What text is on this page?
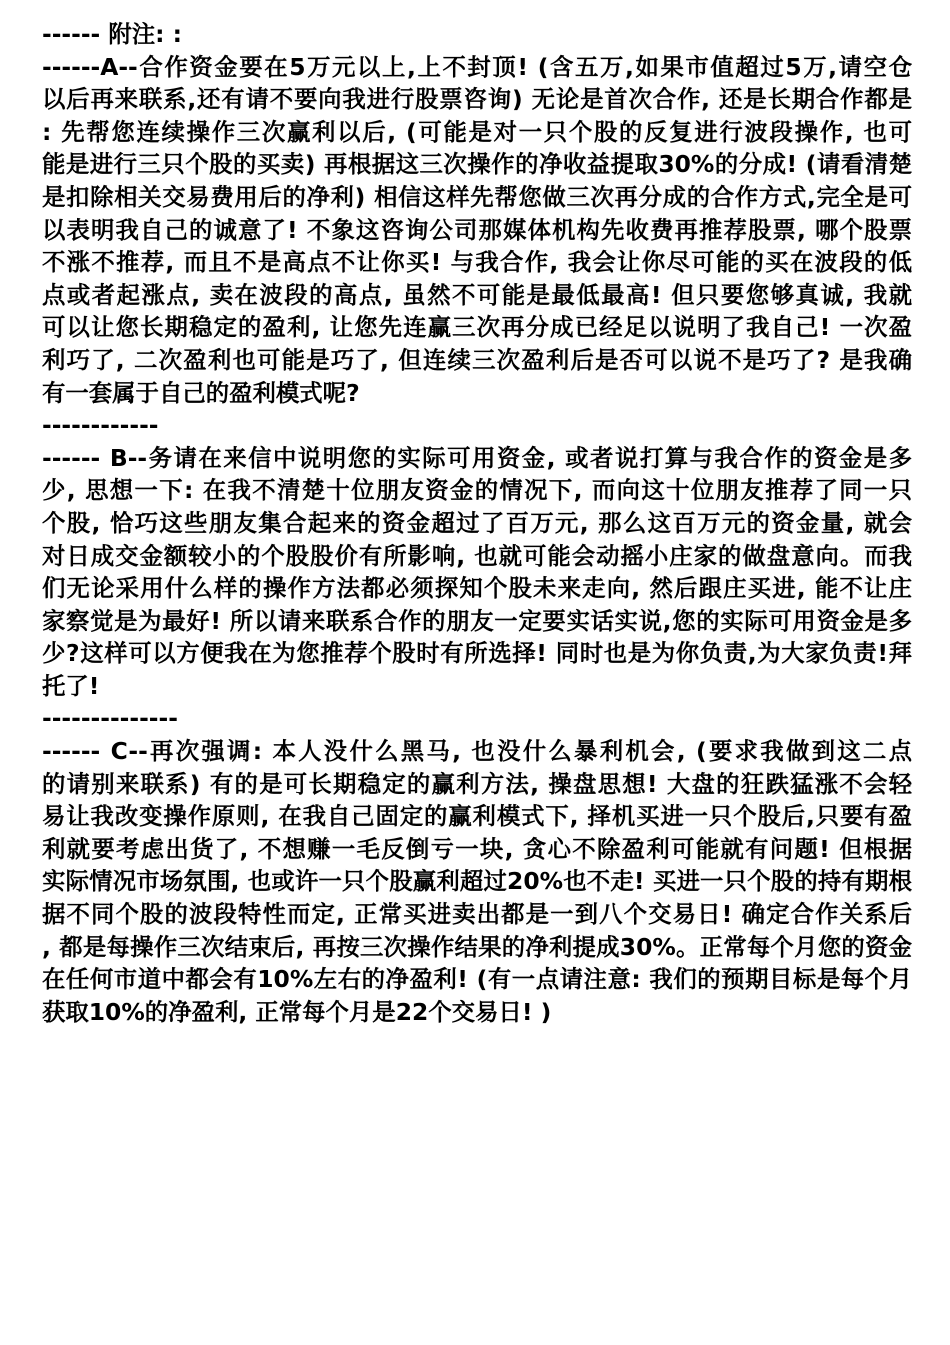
------ 附注: :
------A--合作资金要在5万元以上,上不封顶! (含五万,如果市值超过5万,请空仓
以后再来联系,还有请不要向我进行股票咨询) 无论是首次合作, 还是长期合作都是
: 先帮您连续操作三次赢利以后, (可能是对一只个股的反复进行波段操作, 也可
能是进行三只个股的买卖) 再根据这三次操作的净收益提取30%的分成! (请看清楚
是扣除相关交易费用后的净利) 相信这样先帮您做三次再分成的合作方式,完全是可
以表明我自己的诚意了! 不象这咨询公司那媒体机构先收费再推荐股票, 哪个股票
不涨不推荐, 而且不是高点不让你买! 与我合作, 我会让你尽可能的买在波段的低
点或者起涨点, 卖在波段的高点, 虽然不可能是最低最高! 但只要您够真诚, 我就
可以让您长期稳定的盈利, 让您先连赢三次再分成已经足以说明了我自己! 一次盈
利巧了, 二次盈利也可能是巧了, 但连续三次盈利后是否可以说不是巧了? 是我确
有一套属于自己的盈利模式呢?
------------
------ B--务请在来信中说明您的实际可用资金, 或者说打算与我合作的资金是多
少, 思想一下: 在我不清楚十位朋友资金的情况下, 而向这十位朋友推荐了同一只
个股, 恰巧这些朋友集合起来的资金超过了百万元, 那么这百万元的资金量, 就会
对日成交金额较小的个股股价有所影响, 也就可能会动摇小庄家的做盘意向。而我
们无论采用什么样的操作方法都必须探知个股未来走向, 然后跟庄买进, 能不让庄
家察觉是为最好! 所以请来联系合作的朋友一定要实话实说,您的实际可用资金是多
少?这样可以方便我在为您推荐个股时有所选择! 同时也是为你负责,为大家负责!拜
托了!
--------------
------ C--再次强调: 本人没什么黑马, 也没什么暴利机会, (要求我做到这二点
的请别来联系) 有的是可长期稳定的赢利方法, 操盘思想! 大盘的狂跌猛涨不会轻
易让我改变操作原则, 在我自己固定的赢利模式下, 择机买进一只个股后,只要有盈
利就要考虑出货了, 不想赚一毛反倒亏一块, 贪心不除盈利可能就有问题! 但根据
实际情况市场氛围, 也或许一只个股赢利超过20%也不走! 买进一只个股的持有期根
据不同个股的波段特性而定, 正常买进卖出都是一到八个交易日! 确定合作关系后
, 都是每操作三次结束后, 再按三次操作结果的净利提成30%。正常每个月您的资金
在任何市道中都会有10%左右的净盈利! (有一点请注意: 我们的预期目标是每个月
获取10%的净盈利, 正常每个月是22个交易日! )
